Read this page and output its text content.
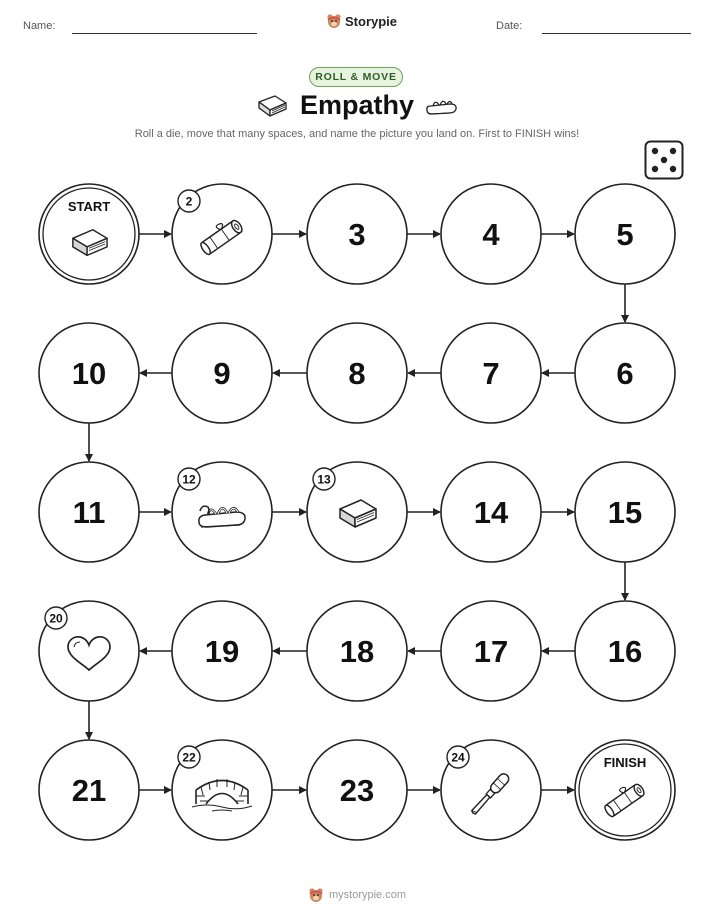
Name:	Storypie	Date:
ROLL & MOVE
Empathy
Roll a die, move that many spaces, and name the picture you land on. First to FINISH wins!
START	2
3	4	5
6
7
8
9
10
11
12	13
14	15
16
17
18
19
20
21
22
23
24	FINISH
mystorypie.com
